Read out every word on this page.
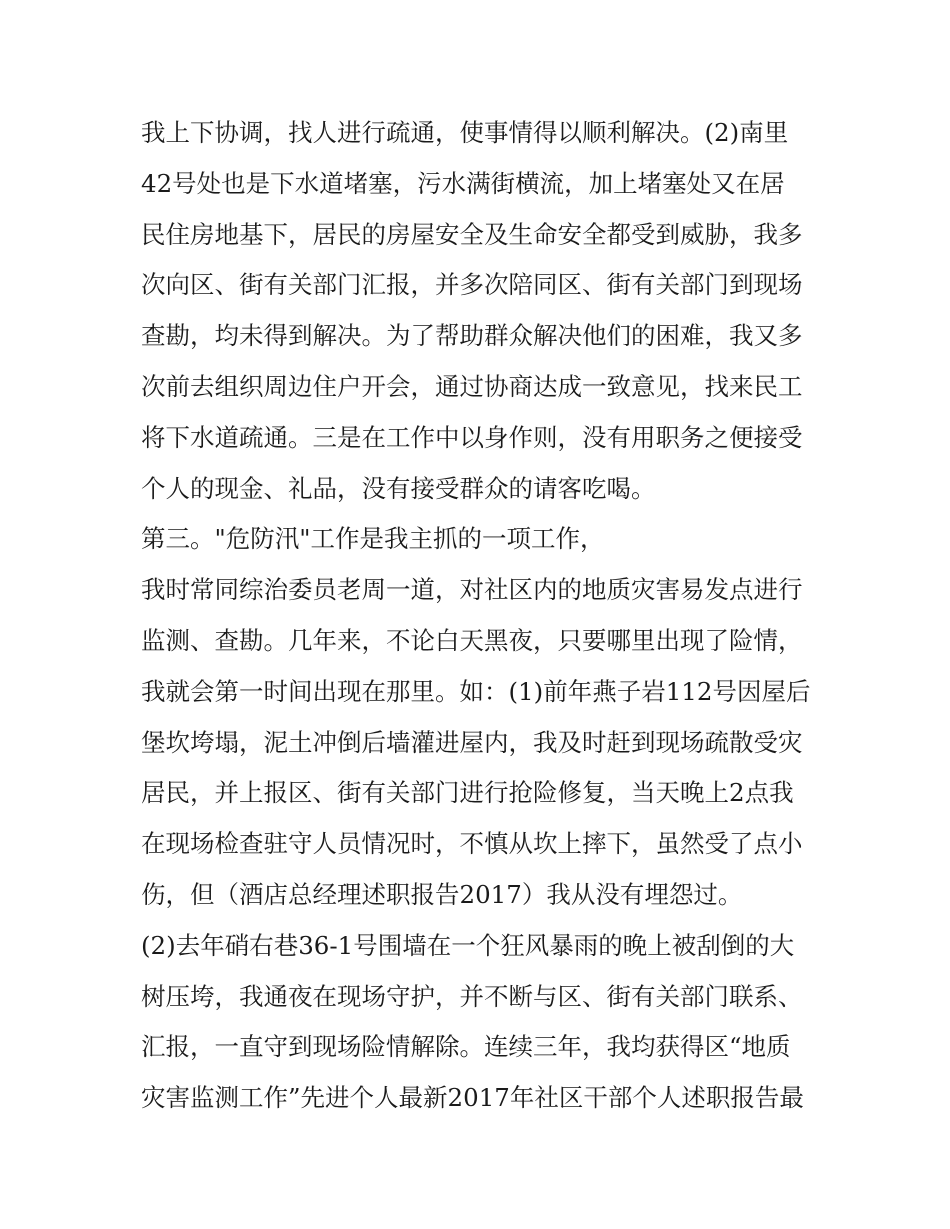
我上下协调，找人进行疏通，使事情得以顺利解决。(2)南里
42号处也是下水道堵塞，污水满街横流，加上堵塞处又在居
民住房地基下，居民的房屋安全及生命安全都受到威胁，我多
次向区、街有关部门汇报，并多次陪同区、街有关部门到现场
查勘，均未得到解决。为了帮助群众解决他们的困难，我又多
次前去组织周边住户开会，通过协商达成一致意见，找来民工
将下水道疏通。三是在工作中以身作则，没有用职务之便接受
个人的现金、礼品，没有接受群众的请客吃喝。
第三。"危防汛"工作是我主抓的一项工作，
我时常同综治委员老周一道，对社区内的地质灾害易发点进行
监测、查勘。几年来，不论白天黑夜，只要哪里出现了险情，
我就会第一时间出现在那里。如：(1)前年燕子岩112号因屋后
堡坎垮塌，泥土冲倒后墙灌进屋内，我及时赶到现场疏散受灾
居民，并上报区、街有关部门进行抢险修复，当天晚上2点我
在现场检查驻守人员情况时，不慎从坎上摔下，虽然受了点小
伤，但（酒店总经理述职报告2017）我从没有埋怨过。
(2)去年硝右巷36-1号围墙在一个狂风暴雨的晚上被刮倒的大
树压垮，我通夜在现场守护，并不断与区、街有关部门联系、
汇报，一直守到现场险情解除。连续三年，我均获得区“地质
灾害监测工作”先进个人最新2017年社区干部个人述职报告最
